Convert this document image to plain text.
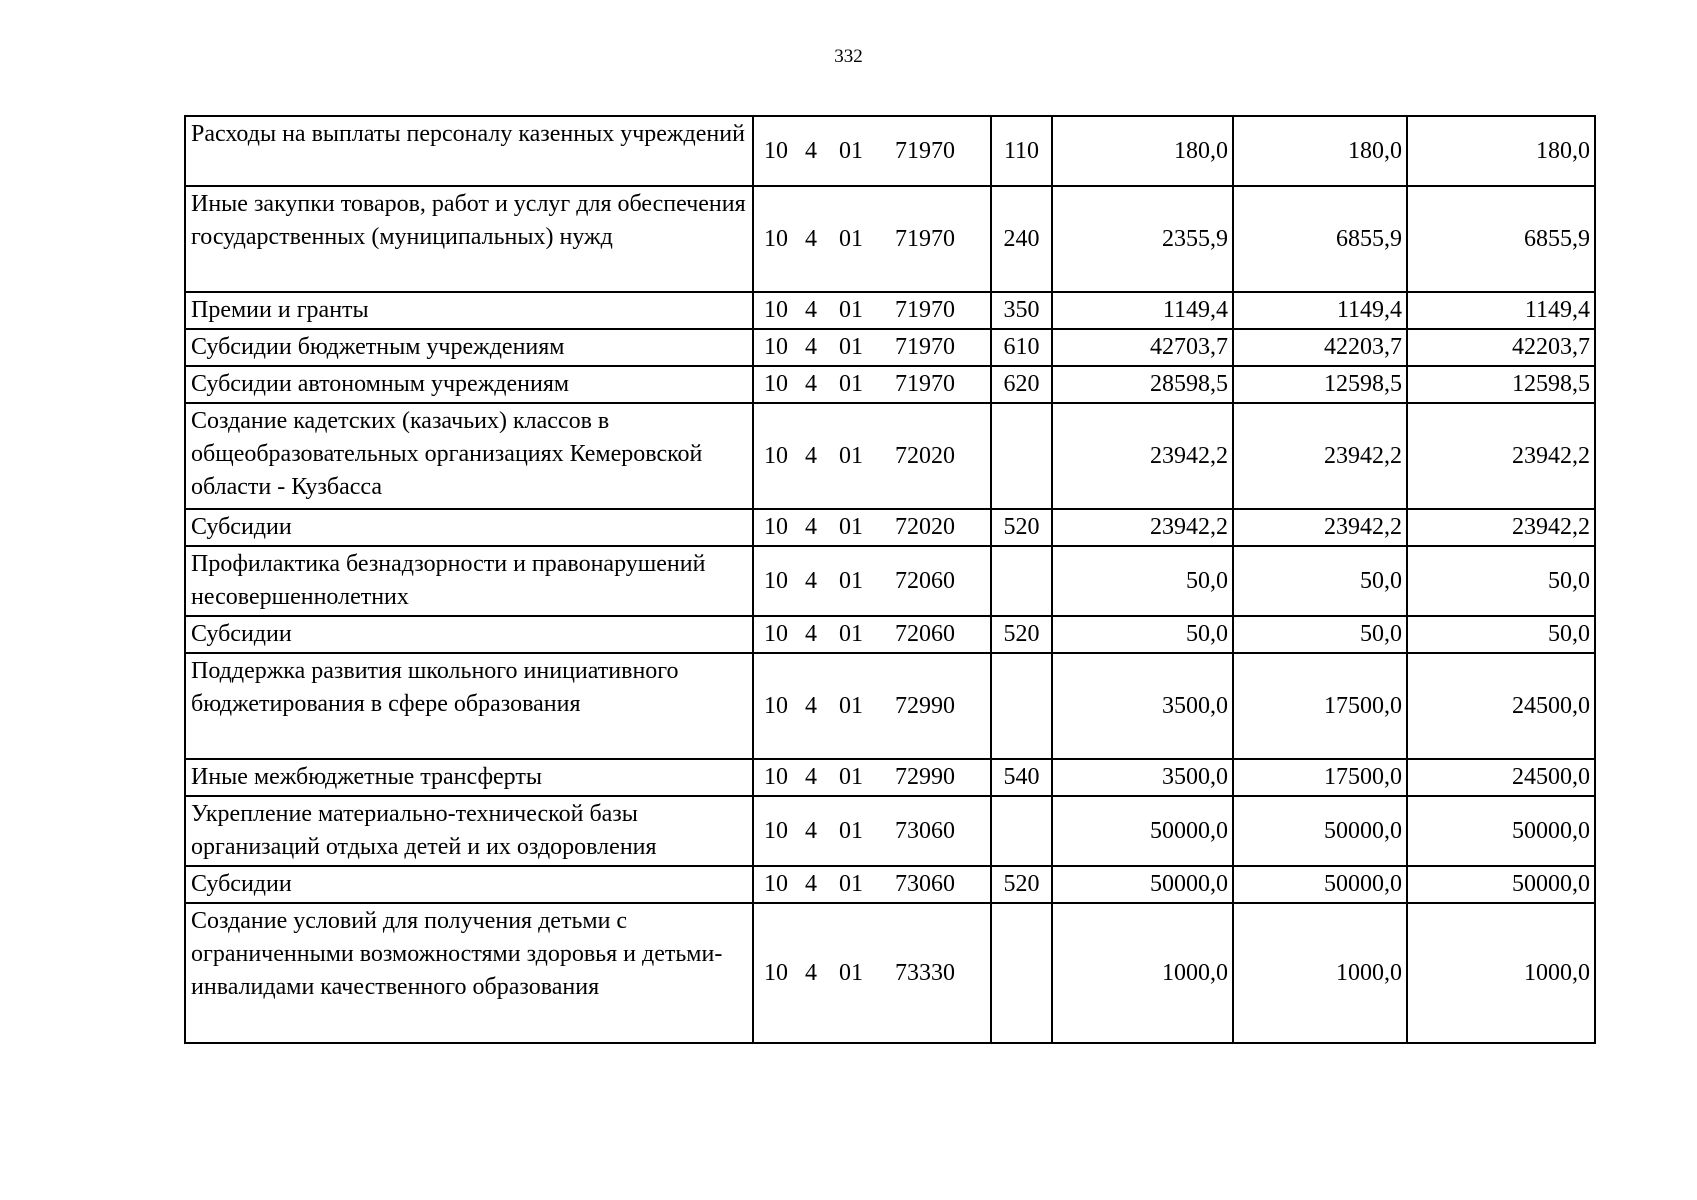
332
Расходы на выплаты персоналу казенных учреждений	10 4 01 71970	110	180,0	180,0	180,0
Иные закупки товаров, работ и услуг для обеспечения государственных (муниципальных) нужд	10 4 01 71970	240	2355,9	6855,9	6855,9
Премии и гранты	10 4 01 71970	350	1149,4	1149,4	1149,4
Субсидии бюджетным учреждениям	10 4 01 71970	610	42703,7	42203,7	42203,7
Субсидии автономным учреждениям	10 4 01 71970	620	28598,5	12598,5	12598,5
Создание кадетских (казачьих) классов в общеобразовательных организациях Кемеровской области - Кузбасса	10 4 01 72020		23942,2	23942,2	23942,2
Субсидии	10 4 01 72020	520	23942,2	23942,2	23942,2
Профилактика безнадзорности и правонарушений несовершеннолетних	10 4 01 72060		50,0	50,0	50,0
Субсидии	10 4 01 72060	520	50,0	50,0	50,0
Поддержка развития школьного инициативного бюджетирования в сфере образования	10 4 01 72990		3500,0	17500,0	24500,0
Иные межбюджетные трансферты	10 4 01 72990	540	3500,0	17500,0	24500,0
Укрепление материально-технической базы организаций отдыха детей и их оздоровления	10 4 01 73060		50000,0	50000,0	50000,0
Субсидии	10 4 01 73060	520	50000,0	50000,0	50000,0
Создание условий для получения детьми с ограниченными возможностями здоровья и детьми-инвалидами качественного образования	10 4 01 73330		1000,0	1000,0	1000,0
